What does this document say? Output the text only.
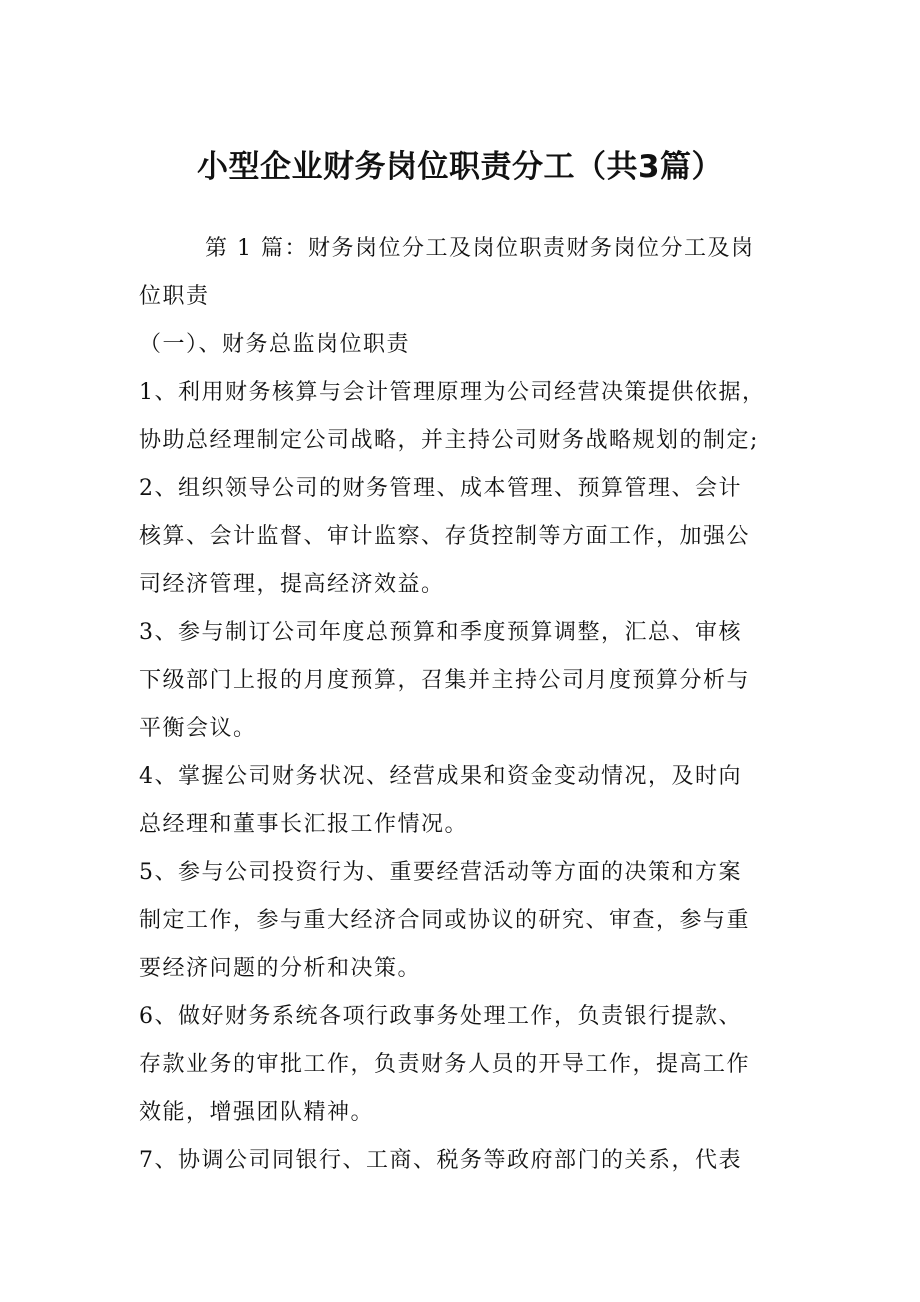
小型企业财务岗位职责分工（共3篇）

第 1 篇：财务岗位分工及岗位职责财务岗位分工及岗
位职责

（一）、财务总监岗位职责

1、利用财务核算与会计管理原理为公司经营决策提供依据，
协助总经理制定公司战略，并主持公司财务战略规划的制定;

2、组织领导公司的财务管理、成本管理、预算管理、会计
核算、会计监督、审计监察、存货控制等方面工作，加强公
司经济管理，提高经济效益。

3、参与制订公司年度总预算和季度预算调整，汇总、审核
下级部门上报的月度预算，召集并主持公司月度预算分析与
平衡会议。

4、掌握公司财务状况、经营成果和资金变动情况，及时向
总经理和董事长汇报工作情况。

5、参与公司投资行为、重要经营活动等方面的决策和方案
制定工作，参与重大经济合同或协议的研究、审查，参与重
要经济问题的分析和决策。

6、做好财务系统各项行政事务处理工作，负责银行提款、
存款业务的审批工作，负责财务人员的开导工作，提高工作
效能，增强团队精神。

7、协调公司同银行、工商、税务等政府部门的关系，代表
